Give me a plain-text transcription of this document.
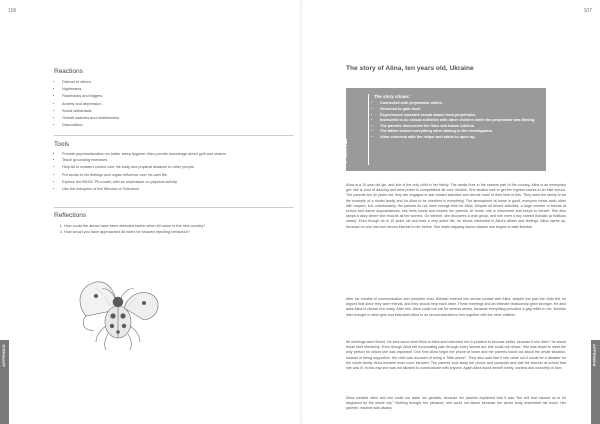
106
Reactions
• Distrust of others.
• Nightmares.
• Flashbacks and triggers.
• Anxiety and depression.
• Social withdrawal.
• Overall sadness and restlessness.
• Dissociation.
Tools
• Provide psychoeducation for better sleep hygiene. Also provide knowledge about guilt and shame.
• Teach grounding exercises.
• Help Ali to reassert control over his body and physical distance to other people.
• Put words to his feelings and regain influence over his own life.
• Explore the BASIC Ph model, with an emphasize on physical activity.
• Use the metaphor of the Window of Tolerance.
Reflections
1. How could the abuse have been detected earlier when Ali came to the new country?
2. How would you have approached Ali when he showed rejecting behaviour?
APPENDIX
107
APPENDIX
The story of Alina, ten years old, Ukraine
Alina
The story shows:
• Connected with perpetrator online.
• Groomed to gain trust.
• Experienced repeated sexual abuse from perpetrator.
• Instructed to do sexual activities with other children while the perpetrator was filming.
• The parents discovered the films and blame Adelina.
• The father denied everything when talking to the investigators.
• Alina connects with the helper and starts to open up.

Alina is a 10 year-old girl, and she is the only child in her family. The family lives in the eastern part of the country. Alina is an exemplary girl: she is fond of dancing and wins prizes in competitions all over Ukraine. She studies well to get the highest scores in an elite school. The parents are 40 years old, they are engaged in war related activities and devote most of their time to this. They want the family to be the example of a model family and for Alina to be obedient in everything. The atmosphere at home is good, everyone treats each other with respect, but, unfortunately, the parents do not have enough time for Alina. Despite all Alina's activities, a large number of friends at school and dance acquaintances, she feels lonely and misses her parents. At home, she is introverted and keeps to herself. She also keeps a diary where she records all her worries. On internet, she discovers a chat group, and she meet a boy named Bohdan (a fictitious name). Even though he is 10 years old and lead a very active life, he shows interested in Alina's affairs and feelings. Alina opens up, because no one has ever shown interest to her before. She starts skipping dance classes and begins to date Bohdan.

After six months of communication and complete trust, Bohdan entered into sexual contact with Alina, despite the pain the child felt, he argued that since they were friends, and they should help each other. These meetings and an intimate relationship grew stronger. He also asks Alina to please him orally. After this, Alina could not eat for several weeks, because everything provoked a gag reflex in her. Bohdan later brought in other girls and instructed Alina to do sexual activities to him together with the other children.

All meetings were filmed. He sent some short films to Alina and instructed her to practice to become better, because if she didn't, he would break their friendship. Even though Alina felt excruciating pain through every sexual act, she could not refuse. She was afraid to meet the only person for whom she was important. One time Alina forgot her phone at home and her parents found out about the whole situation. Instead of being supportive, the child was accused of being a "little whore". They also said that if she came out it would be a disaster for the whole family. Alina became even more introvert. The parents took away her phone and computer and told the teacher at school that she was ill. In this way she was not allowed to communicate with anyone. Again Alina found herself lonely, useless and unworthy of love.

Alina vomited often and she could not wash her genitals, because her parents explained that it was "the evil that caused us to be disgraced by the whole city." Nothing brought her pleasure, she could not dance because her whole body resembled his touch. Her parents' reaction was always
